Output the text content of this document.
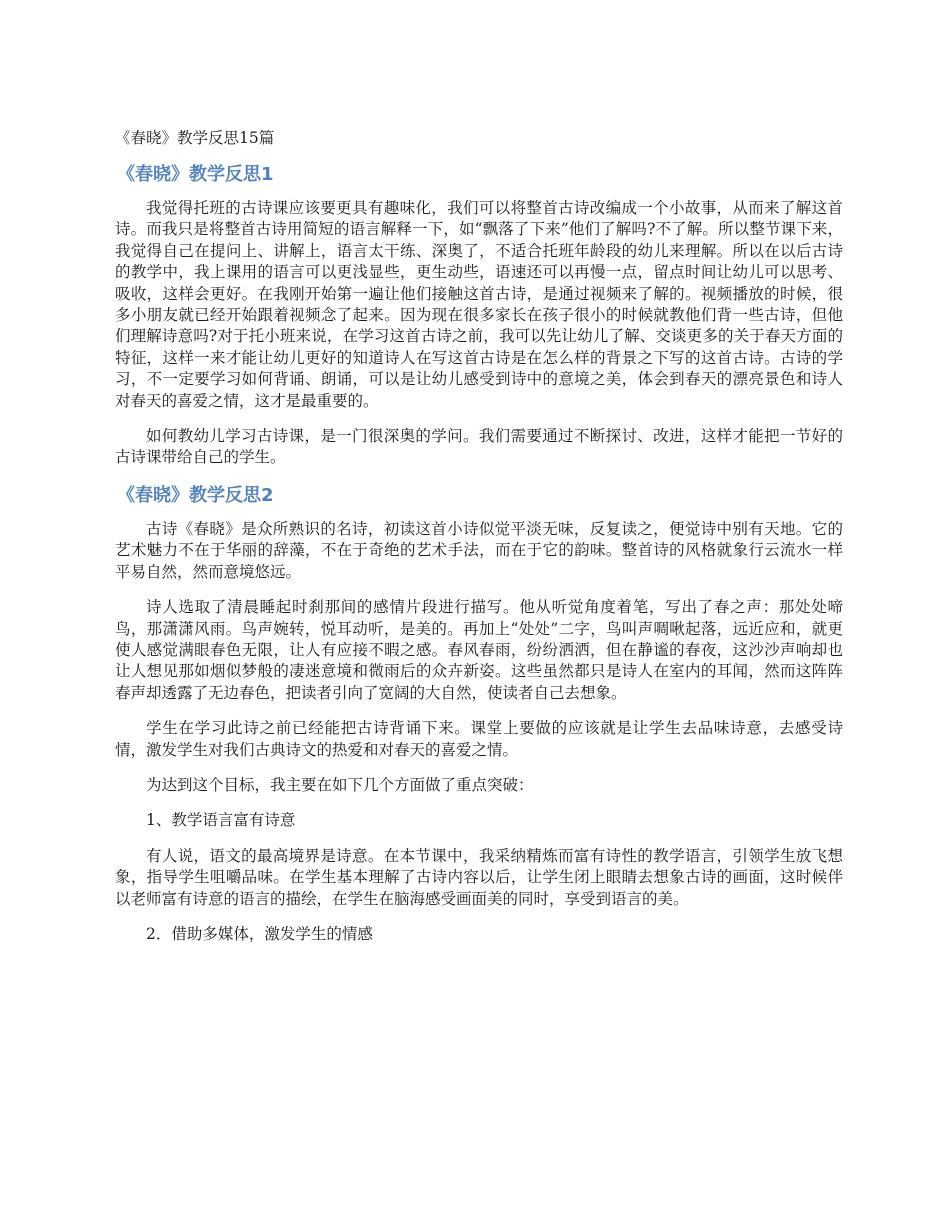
《春晓》教学反思15篇
《春晓》教学反思1

我觉得托班的古诗课应该要更具有趣味化，我们可以将整首古诗改编成一个小故事，从而来了解这首诗。而我只是将整首古诗用简短的语言解释一下，如“飘落了下来”他们了解吗?不了解。所以整节课下来，我觉得自己在提问上、讲解上，语言太干练、深奥了，不适合托班年龄段的幼儿来理解。所以在以后古诗的教学中，我上课用的语言可以更浅显些，更生动些，语速还可以再慢一点，留点时间让幼儿可以思考、吸收，这样会更好。在我刚开始第一遍让他们接触这首古诗，是通过视频来了解的。视频播放的时候，很多小朋友就已经开始跟着视频念了起来。因为现在很多家长在孩子很小的时候就教他们背一些古诗，但他们理解诗意吗?对于托小班来说，在学习这首古诗之前，我可以先让幼儿了解、交谈更多的关于春天方面的特征，这样一来才能让幼儿更好的知道诗人在写这首古诗是在怎么样的背景之下写的这首古诗。古诗的学习，不一定要学习如何背诵、朗诵，可以是让幼儿感受到诗中的意境之美，体会到春天的漂亮景色和诗人对春天的喜爱之情，这才是最重要的。

如何教幼儿学习古诗课，是一门很深奥的学问。我们需要通过不断探讨、改进，这样才能把一节好的古诗课带给自己的学生。

《春晓》教学反思2

古诗《春晓》是众所熟识的名诗，初读这首小诗似觉平淡无味，反复读之，便觉诗中别有天地。它的艺术魅力不在于华丽的辞藻，不在于奇绝的艺术手法，而在于它的韵味。整首诗的风格就象行云流水一样平易自然，然而意境悠远。

诗人选取了清晨睡起时刹那间的感情片段进行描写。他从听觉角度着笔，写出了春之声：那处处啼鸟，那潇潇风雨。鸟声婉转，悦耳动听，是美的。再加上“处处”二字，鸟叫声啁啾起落，远近应和，就更使人感觉满眼春色无限，让人有应接不暇之感。春风春雨，纷纷洒洒，但在静谧的春夜，这沙沙声响却也让人想见那如烟似梦般的凄迷意境和微雨后的众卉新姿。这些虽然都只是诗人在室内的耳闻，然而这阵阵春声却透露了无边春色，把读者引向了宽阔的大自然，使读者自己去想象。

学生在学习此诗之前已经能把古诗背诵下来。课堂上要做的应该就是让学生去品味诗意，去感受诗情，激发学生对我们古典诗文的热爱和对春天的喜爱之情。

为达到这个目标，我主要在如下几个方面做了重点突破：

1、教学语言富有诗意

有人说，语文的最高境界是诗意。在本节课中，我采纳精炼而富有诗性的教学语言，引领学生放飞想象，指导学生咀嚼品味。在学生基本理解了古诗内容以后，让学生闭上眼睛去想象古诗的画面，这时候伴以老师富有诗意的语言的描绘，在学生在脑海感受画面美的同时，享受到语言的美。

2．借助多媒体，激发学生的情感
